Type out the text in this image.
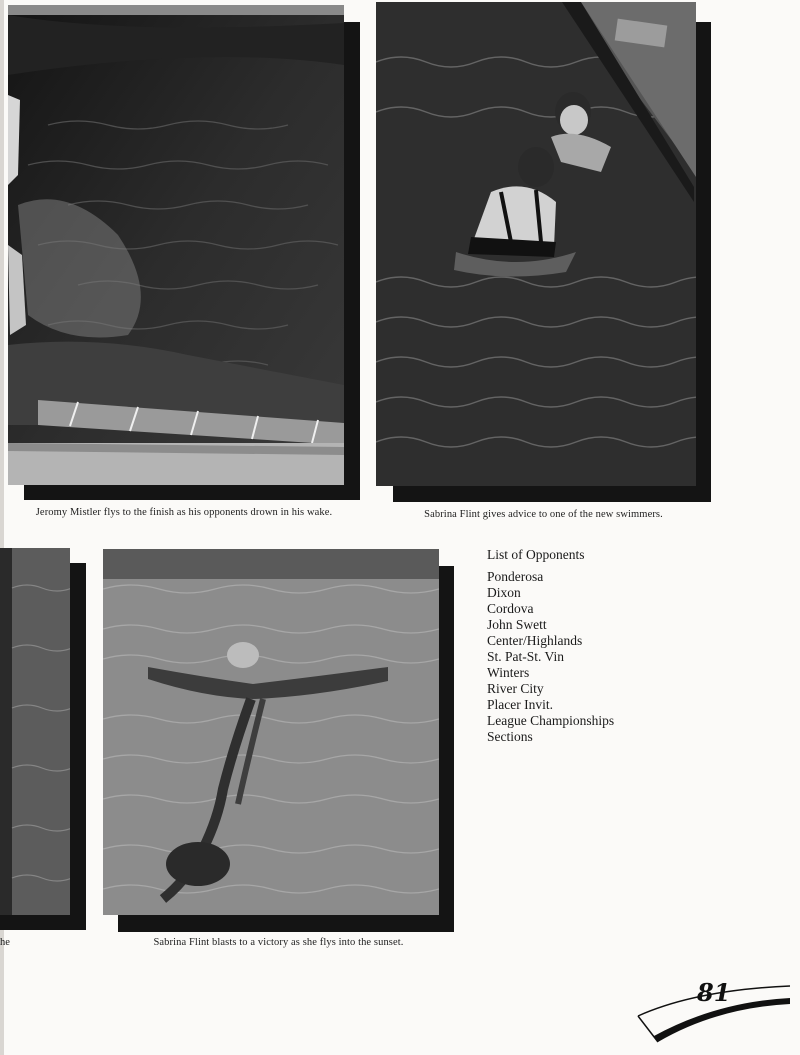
Jeromy Mistler flys to the finish as his opponents drown in his wake.	Sabrina Flint gives advice to one of the new swimmers.
he	Sabrina Flint blasts to a victory as she flys into the sunset.
List of Opponents
Ponderosa
Dixon
Cordova
John Swett
Center/Highlands
St. Pat-St. Vin
Winters
River City
Placer Invit.
League Championships
Sections
81
